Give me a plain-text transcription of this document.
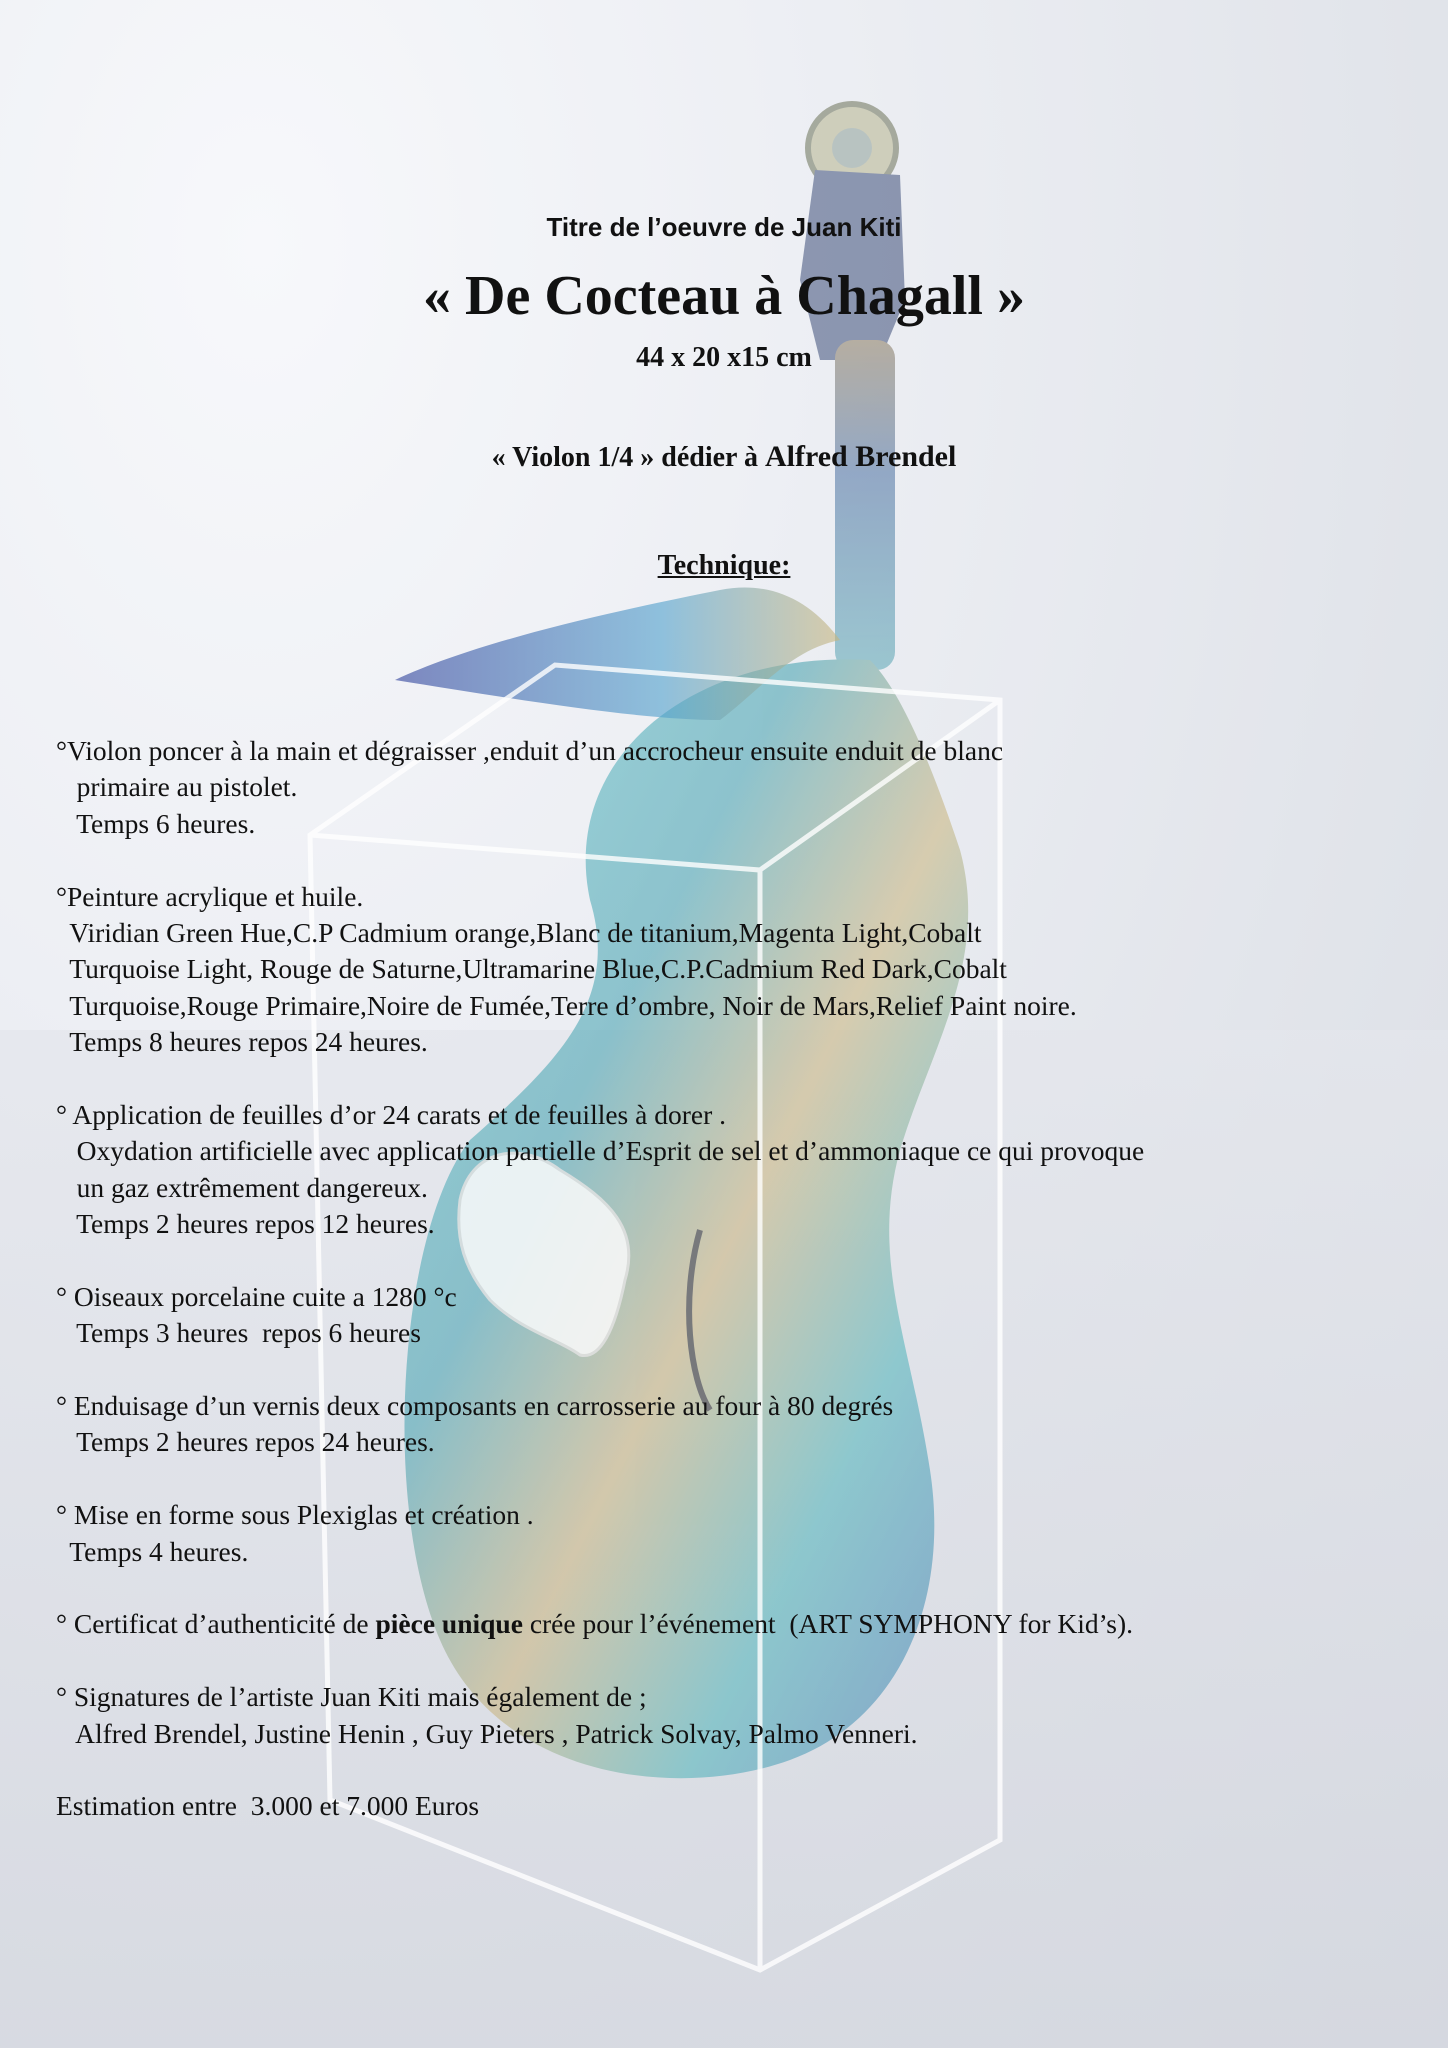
Titre de l’oeuvre de Juan Kiti
« De Cocteau à Chagall »
44 x 20 x15 cm
« Violon 1/4 » dédier à Alfred Brendel
Technique:
°Violon poncer à la main et dégraisser ,enduit d’un accrocheur ensuite enduit de blanc
primaire au pistolet.
Temps 6 heures.
°Peinture acrylique et huile.
Viridian Green Hue,C.P Cadmium orange,Blanc de titanium,Magenta Light,Cobalt
Turquoise Light, Rouge de Saturne,Ultramarine Blue,C.P.Cadmium Red Dark,Cobalt
Turquoise,Rouge Primaire,Noire de Fumée,Terre d’ombre, Noir de Mars,Relief Paint noire.
Temps 8 heures repos 24 heures.
° Application de feuilles d’or 24 carats et de feuilles à dorer .
Oxydation artificielle avec application partielle d’Esprit de sel et d’ammoniaque ce qui provoque
un gaz extrêmement dangereux.
Temps 2 heures repos 12 heures.
° Oiseaux porcelaine cuite a 1280 °c
Temps 3 heures  repos 6 heures
° Enduisage d’un vernis deux composants en carrosserie au four à 80 degrés
Temps 2 heures repos 24 heures.
° Mise en forme sous Plexiglas et création .
Temps 4 heures.
° Certificat d’authenticité de pièce unique crée pour l’événement  (ART SYMPHONY for Kid’s).
° Signatures de l’artiste Juan Kiti mais également de ;
Alfred Brendel, Justine Henin , Guy Pieters , Patrick Solvay, Palmo Venneri.
Estimation entre  3.000 et 7.000 Euros
